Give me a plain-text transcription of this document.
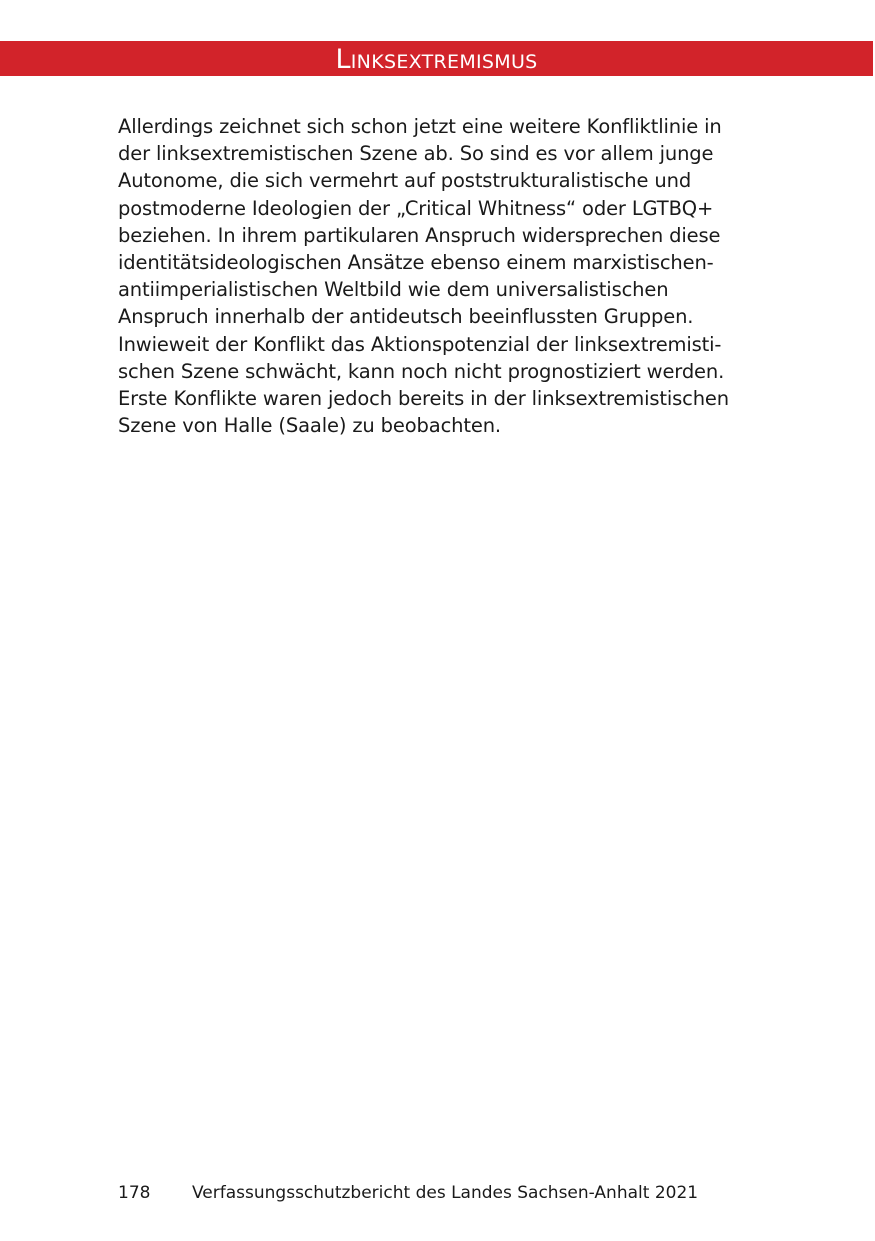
Linksextremismus
Allerdings zeichnet sich schon jetzt eine weitere Konfliktlinie in
der linksextremistischen Szene ab. So sind es vor allem junge
Autonome, die sich vermehrt auf poststrukturalistische und
postmoderne Ideologien der „Critical Whitness“ oder LGTBQ+
beziehen. In ihrem partikularen Anspruch widersprechen diese
identitätsideologischen Ansätze ebenso einem marxistischen-
antiimperialistischen Weltbild wie dem universalistischen
Anspruch innerhalb der antideutsch beeinflussten Gruppen.
Inwieweit der Konflikt das Aktionspotenzial der linksextremisti-
schen Szene schwächt, kann noch nicht prognostiziert werden.
Erste Konflikte waren jedoch bereits in der linksextremistischen
Szene von Halle (Saale) zu beobachten.
178 Verfassungsschutzbericht des Landes Sachsen-Anhalt 2021
